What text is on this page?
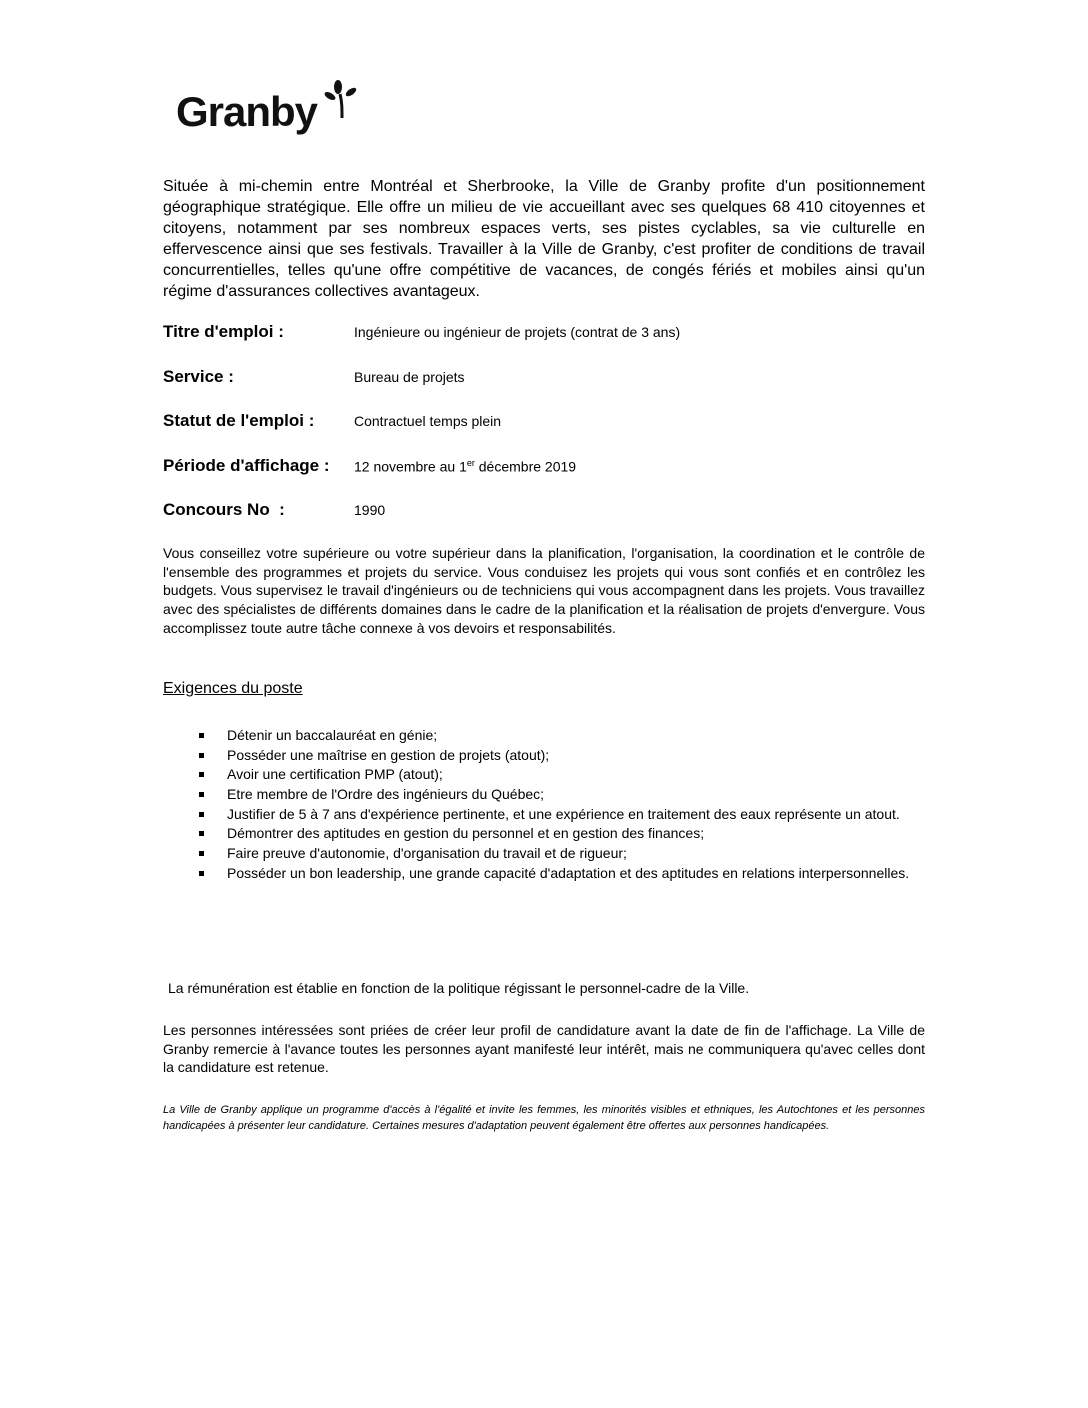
Granby

Située à mi-chemin entre Montréal et Sherbrooke, la Ville de Granby profite d'un positionnement géographique stratégique. Elle offre un milieu de vie accueillant avec ses quelques 68 410 citoyennes et citoyens, notamment par ses nombreux espaces verts, ses pistes cyclables, sa vie culturelle en effervescence ainsi que ses festivals. Travailler à la Ville de Granby, c'est profiter de conditions de travail concurrentielles, telles qu'une offre compétitive de vacances, de congés fériés et mobiles ainsi qu'un régime d'assurances collectives avantageux.

Titre d'emploi :	Ingénieure ou ingénieur de projets (contrat de 3 ans)
Service :	Bureau de projets
Statut de l'emploi :	Contractuel temps plein
Période d'affichage : 12 novembre au 1er décembre 2019
Concours No  :	1990

Vous conseillez votre supérieure ou votre supérieur dans la planification, l'organisation, la coordination et le contrôle de l'ensemble des programmes et projets du service. Vous conduisez les projets qui vous sont confiés et en contrôlez les budgets. Vous supervisez le travail d'ingénieurs ou de techniciens qui vous accompagnent dans les projets. Vous travaillez avec des spécialistes de différents domaines dans le cadre de la planification et la réalisation de projets d'envergure. Vous accomplissez toute autre tâche connexe à vos devoirs et responsabilités.

Exigences du poste
Détenir un baccalauréat en génie;
Posséder une maîtrise en gestion de projets (atout);
Avoir une certification PMP (atout);
Etre membre de l'Ordre des ingénieurs du Québec;
Justifier de 5 à 7 ans d'expérience pertinente, et une expérience en traitement des eaux représente un atout.
Démontrer des aptitudes en gestion du personnel et en gestion des finances;
Faire preuve d'autonomie, d'organisation du travail et de rigueur;
Posséder un bon leadership, une grande capacité d'adaptation et des aptitudes en relations interpersonnelles.

La rémunération est établie en fonction de la politique régissant le personnel-cadre de la Ville.

Les personnes intéressées sont priées de créer leur profil de candidature avant la date de fin de l'affichage. La Ville de Granby remercie à l'avance toutes les personnes ayant manifesté leur intérêt, mais ne communiquera qu'avec celles dont la candidature est retenue.

La Ville de Granby applique un programme d'accès à l'égalité et invite les femmes, les minorités visibles et ethniques, les Autochtones et les personnes handicapées à présenter leur candidature. Certaines mesures d'adaptation peuvent également être offertes aux personnes handicapées.
